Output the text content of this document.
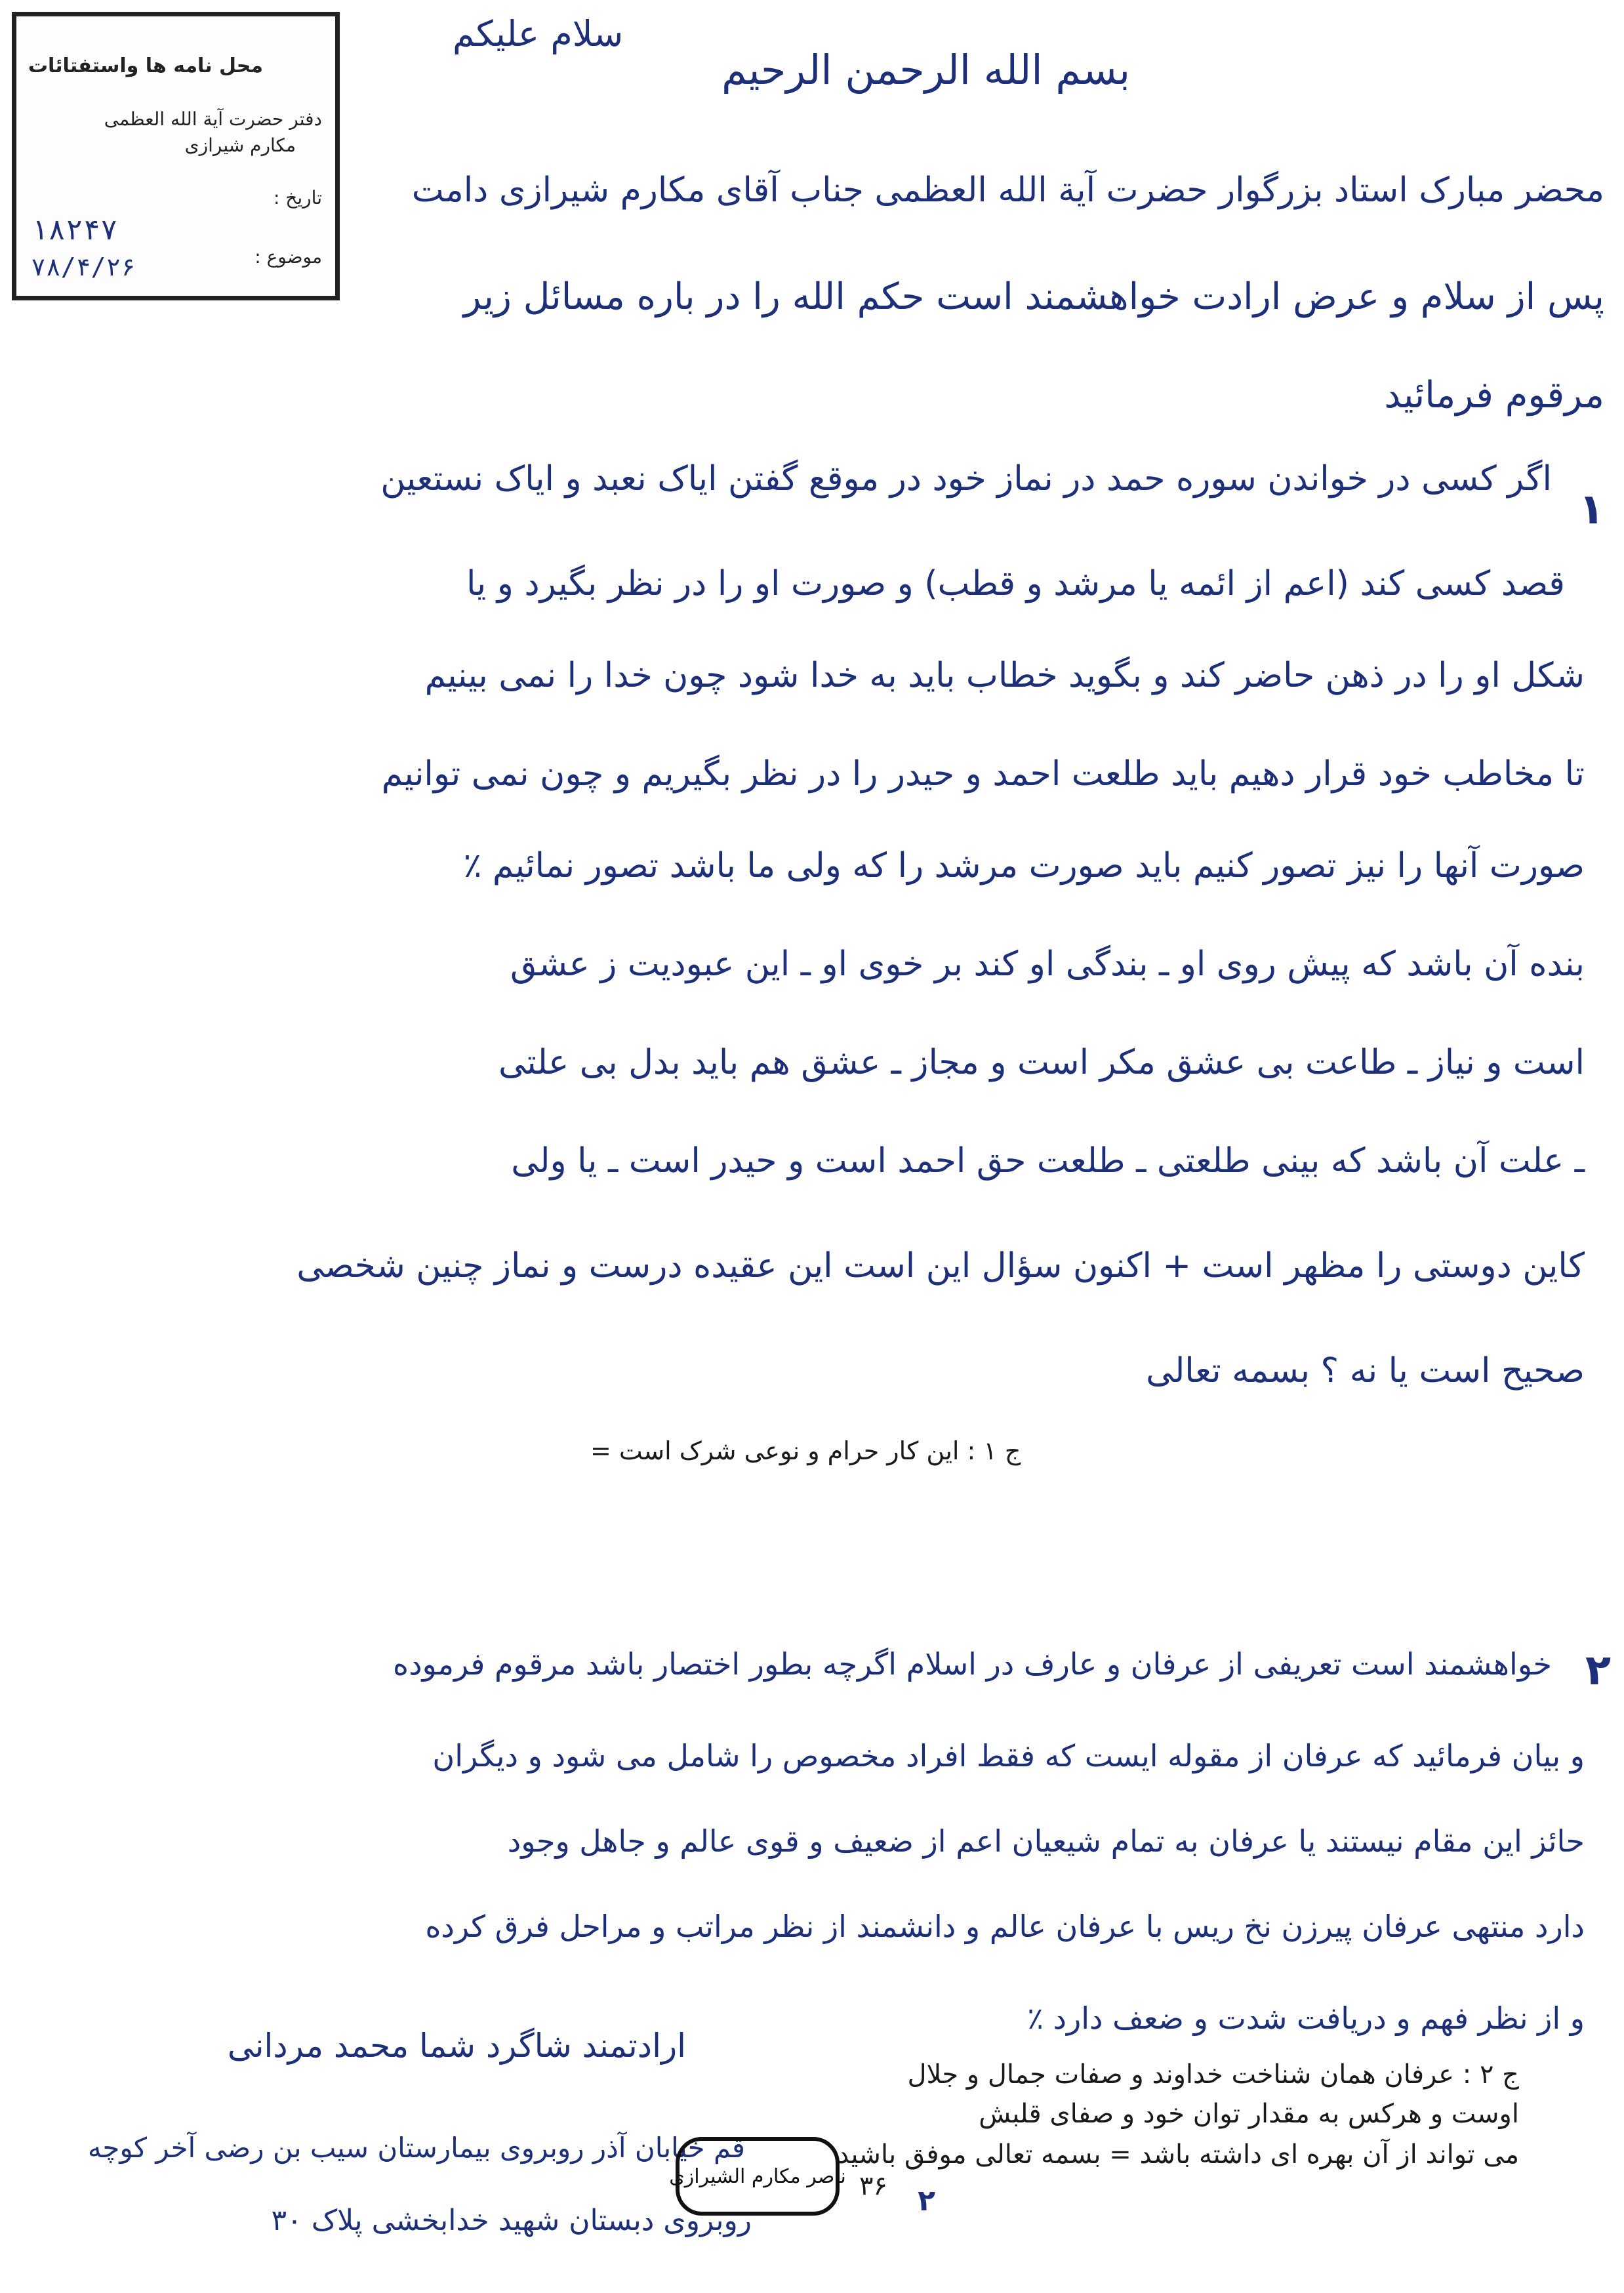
محل نامه ها واستفتائات
دفتر حضرت آیة الله العظمی
مکارم شیرازی
تاریخ :
موضوع :
۱۸۲۴۷
۷۸/۴/۲۶
سلام علیکم
بسم الله الرحمن الرحیم
محضر مبارک استاد بزرگوار حضرت آیة الله العظمی جناب آقای مکارم شیرازی دامت
پس از سلام و عرض ارادت خواهشمند است حکم الله را در باره مسائل زیر
مرقوم فرمائید
۱
اگر کسی در خواندن سوره حمد در نماز خود در موقع گفتن ایاک نعبد و ایاک نستعین
قصد کسی کند (اعم از ائمه یا مرشد و قطب) و صورت او را در نظر بگیرد و یا
شکل او را در ذهن حاضر کند و بگوید خطاب باید به خدا شود چون خدا را نمی بینیم
تا مخاطب خود قرار دهیم باید طلعت احمد و حیدر را در نظر بگیریم و چون نمی توانیم
صورت آنها را نیز تصور کنیم باید صورت مرشد را که ولی ما باشد تصور نمائیم ٪
بنده آن باشد که پیش روی او ـ بندگی او کند بر خوی او ـ این عبودیت ز عشق
است و نیاز ـ طاعت بی عشق مکر است و مجاز ـ عشق هم باید بدل بی علتی
ـ علت آن باشد که بینی طلعتی ـ طلعت حق احمد است و حیدر است ـ یا ولی
کاین دوستی را مظهر است + اکنون سؤال این است این عقیده درست و نماز چنین شخصی
صحیح است یا نه ؟ بسمه تعالی
ج ۱ : این کار حرام و نوعی شرک است =
۲
خواهشمند است تعریفی از عرفان و عارف در اسلام اگرچه بطور اختصار باشد مرقوم فرموده
و بیان فرمائید که عرفان از مقوله ایست که فقط افراد مخصوص را شامل می شود و دیگران
حائز این مقام نیستند یا عرفان به تمام شیعیان اعم از ضعیف و قوی عالم و جاهل وجود
دارد منتهی عرفان پیرزن نخ ریس با عرفان عالم و دانشمند از نظر مراتب و مراحل فرق کرده
و از نظر فهم و دریافت شدت و ضعف دارد ٪
ج ۲ : عرفان همان شناخت خداوند و صفات جمال و جلال
اوست و هرکس به مقدار توان خود و صفای قلبش
می تواند از آن بهره ای داشته باشد = بسمه تعالی موفق باشید
۳۶
ارادتمند شاگرد شما محمد مردانی
قم خیابان آذر روبروی بیمارستان سیب بن رضی آخر کوچه
۲
روبروی دبستان شهید خدابخشی پلاک ۳۰
ناصر مکارم الشیرازی
